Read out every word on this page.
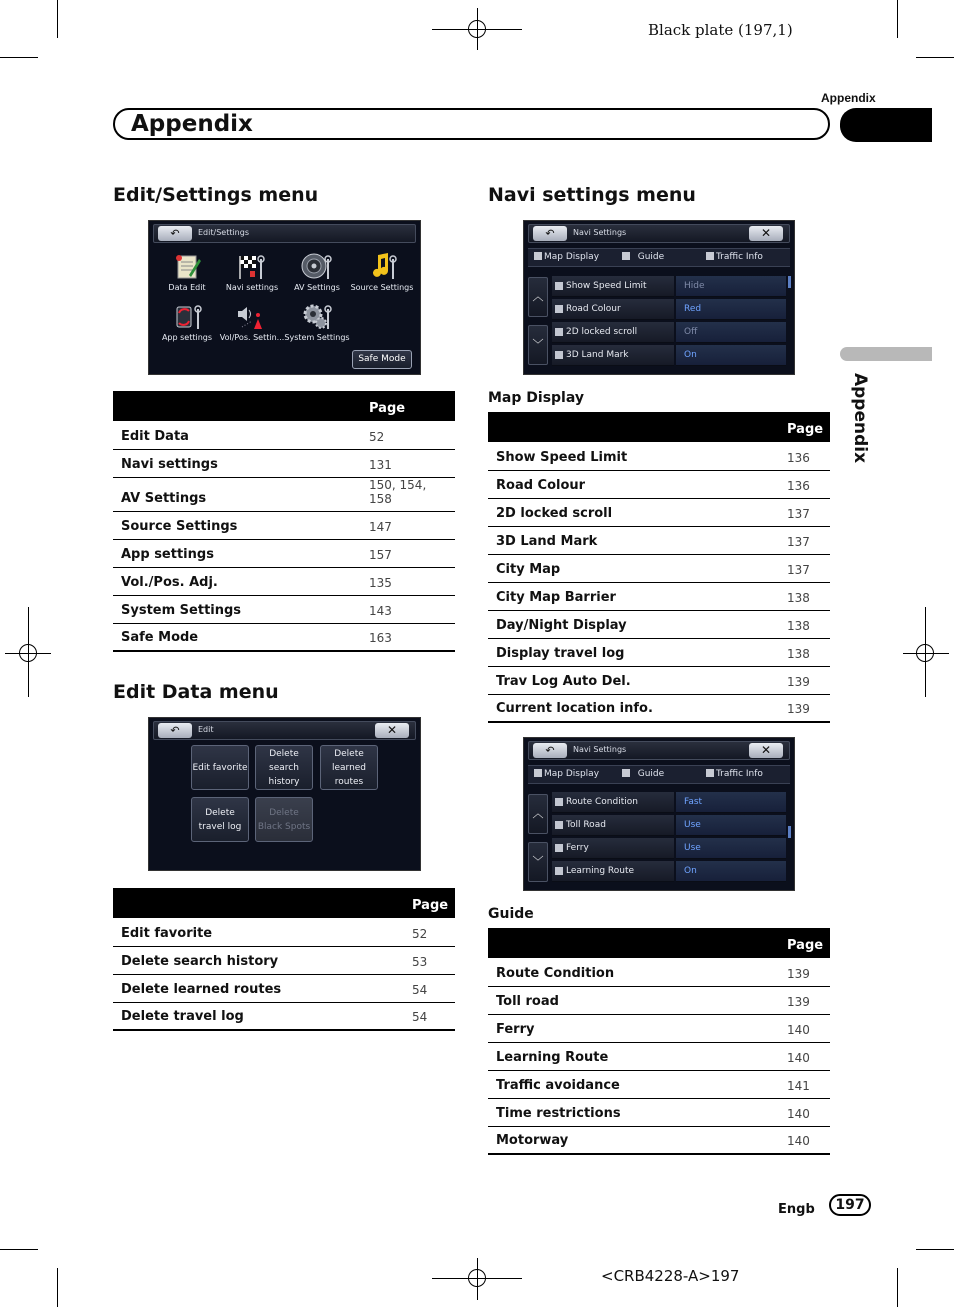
Black plate (197,1)
Appendix
Appendix
Appendix
Edit/Settings menu
↶	Edit/Settings
Data Edit	Navi settings	AV Settings	Source Settings
App settings Vol/Pos. Settin... System Settings
Safe Mode
	Page
Edit Data	52
Navi settings	131
AV Settings	150, 154, 158
Source Settings	147
App settings	157
Vol./Pos. Adj.	135
System Settings	143
Safe Mode	163
Edit Data menu
↶	Edit	✕
Edit favorite
Delete search history
Delete learned routes
Delete travel log
Delete Black Spots
	Page
Edit favorite	52
Delete search history	53
Delete learned routes	54
Delete travel log	54
Navi settings menu
↶	Navi Settings	✕
Map Display	Guide	Traffic Info
︿
﹀
Show Speed Limit	Hide
Road Colour	Red
2D locked scroll	Off
3D Land Mark	On
Map Display
	Page
Show Speed Limit	136
Road Colour	136
2D locked scroll	137
3D Land Mark	137
City Map	137
City Map Barrier	138
Day/Night Display	138
Display travel log	138
Trav Log Auto Del.	139
Current location info.	139
↶	Navi Settings	✕
Map Display	Guide	Traffic Info
︿
﹀
Route Condition	Fast
Toll Road	Use
Ferry	Use
Learning Route	On
Guide
	Page
Route Condition	139
Toll road	139
Ferry	140
Learning Route	140
Traffic avoidance	141
Time restrictions	140
Motorway	140
Engb	197
<CRB4228-A>197
